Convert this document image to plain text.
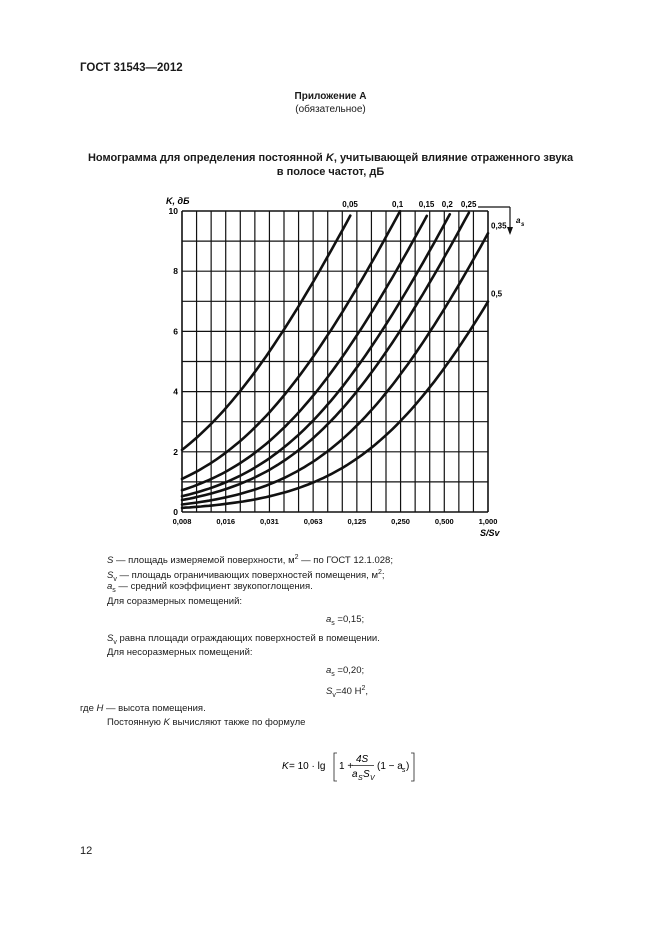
ГОСТ 31543—2012
Приложение А
(обязательное)
Номограмма для определения постоянной K, учитывающей влияние отраженного звука
в полосе частот, дБ
0
2
4
6
8
10
0,008	0,016	0,031	0,063	0,125	0,250	0,500	1,000
0,05	0,1 0,15 0,2 0,25
0,35
0,5
a s
K, дБ
S/Sv
S — площадь измеряемой поверхности, $м^2$ — по ГОСТ 12.1.028;
$S_v$ — площадь ограничивающих поверхностей помещения, $м^2$;
$a_s$ — средний коэффициент звукопоглощения.
Для соразмерных помещений:
$a_s =0,15$;
$S_v$ равна площади ограждающих поверхностей в помещении.
Для несоразмерных помещений:
$a_s =0,20$;
$S_v=40$ $H^2$,
где H — высота помещения.
Постоянную K вычисляют также по формуле
K = 10 · lg 1 +
4S
a S S V
(1 − a s )
12
